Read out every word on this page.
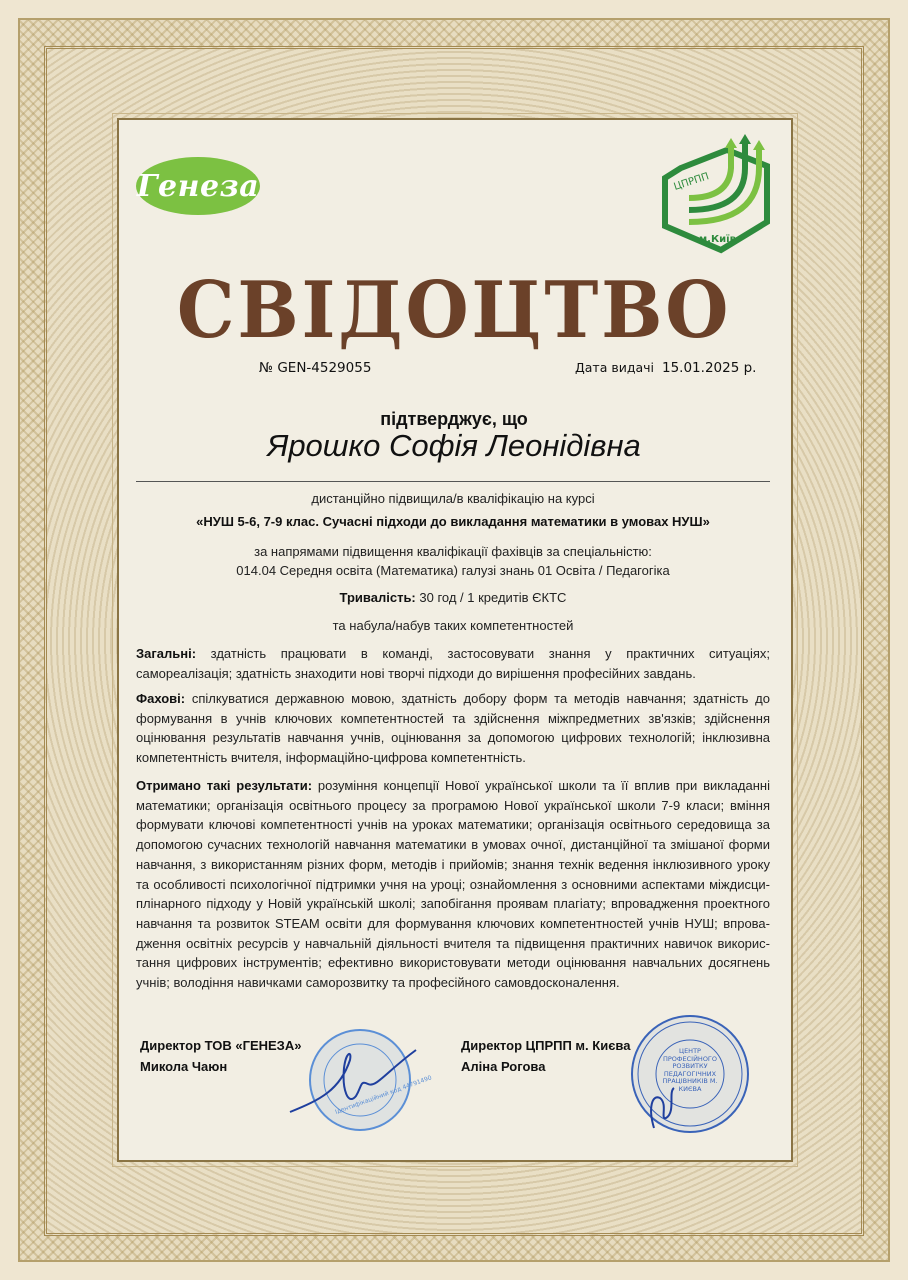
Генеза	ЦПРПП
м.Київ
СВІДОЦТВО
№ GEN-4529055	Дата видачі 15.01.2025 р.
підтверджує, що
Ярошко Софія Леонідівна
дистанційно підвищила/в кваліфікацію на курсі
«НУШ 5-6, 7-9 клас. Сучасні підходи до викладання математики в умовах НУШ»
за напрямами підвищення кваліфікації фахівців за спеціальністю:
014.04 Середня освіта (Математика) галузі знань 01 Освіта / Педагогіка
Тривалість: 30 год / 1 кредитів ЄКТС
та набула/набув таких компетентностей
Загальні: здатність працювати в команді, застосовувати знання у практичних ситуаціях; самореалізація; здатність знаходити нові творчі підходи до вирішення професійних завдань.
Фахові: спілкуватися державною мовою, здатність добору форм та методів навчання; здатність до формування в учнів ключових компетентностей та здійснення міжпредметних зв'язків; здійснення оцінювання результатів навчання учнів, оцінювання за допомогою цифрових технологій; інклюзивна компетентність вчителя, інформаційно-цифрова компетентність.
Отримано такі результати: розуміння концепції Нової української школи та її вплив при викладанні математики; організація освітнього процесу за програмою Нової української школи 7-9 класи; вміння формувати ключові компетентності учнів на уроках математики; організація освітнього середовища за допомогою сучасних технологій навчання математики в умовах очної, дистанційної та змішаної форми навчання, з використанням різних форм, методів і прийомів; знання технік ведення інклюзивного уроку та особливості психологічної підтримки учня на уроці; ознайомлення з основними аспектами міждисци-плінарного підходу у Новій українській школі; запобігання проявам плагіату; впровадження проектного навчання та розвиток STEAM освіти для формування ключових компетентностей учнів НУШ; впрова-дження освітніх ресурсів у навчальній діяльності вчителя та підвищення практичних навичок викорис-тання цифрових інструментів; ефективно використовувати методи оцінювання навчальних досягнень учнів; володіння навичками саморозвитку та професійного самовдосконалення.
Директор ТОВ «ГЕНЕЗА»
Микола Чаюн
Ідентифікаційний код 44791490
Директор ЦПРПП м. Києва
Аліна Рогова
ЦЕНТР ПРОФЕСІЙНОГО РОЗВИТКУ ПЕДАГОГІЧНИХ ПРАЦІВНИКІВ М. КИЄВА
